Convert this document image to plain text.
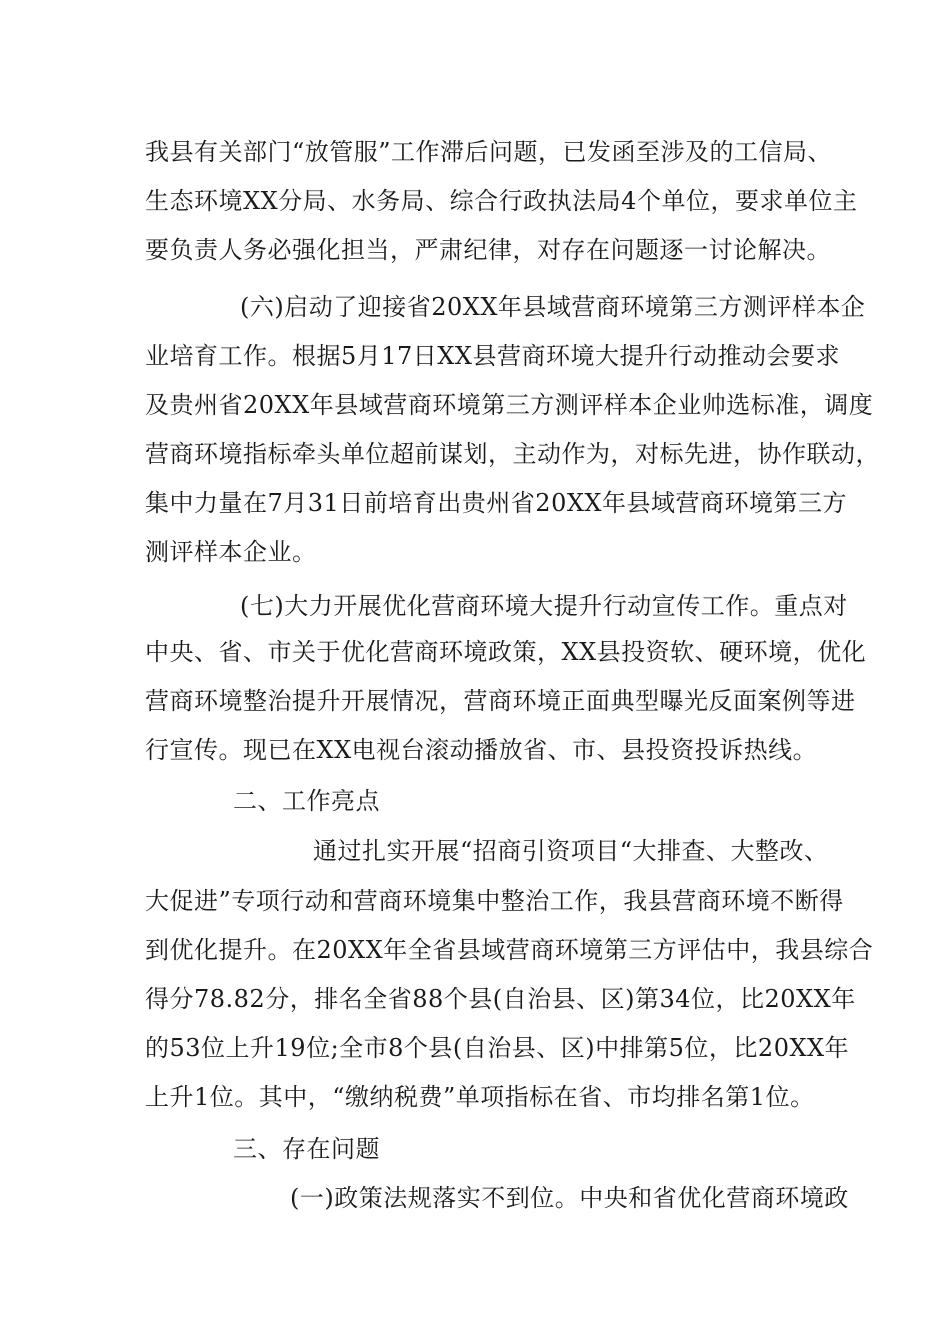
我县有关部门“放管服”工作滞后问题，已发函至涉及的工信局、
生态环境XX分局、水务局、综合行政执法局4个单位，要求单位主
要负责人务必强化担当，严肃纪律，对存在问题逐一讨论解决。
(六)启动了迎接省20XX年县域营商环境第三方测评样本企
业培育工作。根据5月17日XX县营商环境大提升行动推动会要求
及贵州省20XX年县域营商环境第三方测评样本企业帅选标准，调度
营商环境指标牵头单位超前谋划，主动作为，对标先进，协作联动，
集中力量在7月31日前培育出贵州省20XX年县域营商环境第三方
测评样本企业。
(七)大力开展优化营商环境大提升行动宣传工作。重点对
中央、省、市关于优化营商环境政策，XX县投资软、硬环境，优化
营商环境整治提升开展情况，营商环境正面典型曝光反面案例等进
行宣传。现已在XX电视台滚动播放省、市、县投资投诉热线。
二、工作亮点
通过扎实开展“招商引资项目“大排查、大整改、
大促进”专项行动和营商环境集中整治工作，我县营商环境不断得
到优化提升。在20XX年全省县域营商环境第三方评估中，我县综合
得分78.82分，排名全省88个县(自治县、区)第34位，比20XX年
的53位上升19位;全市8个县(自治县、区)中排第5位，比20XX年
上升1位。其中，“缴纳税费”单项指标在省、市均排名第1位。
三、存在问题
(一)政策法规落实不到位。中央和省优化营商环境政
